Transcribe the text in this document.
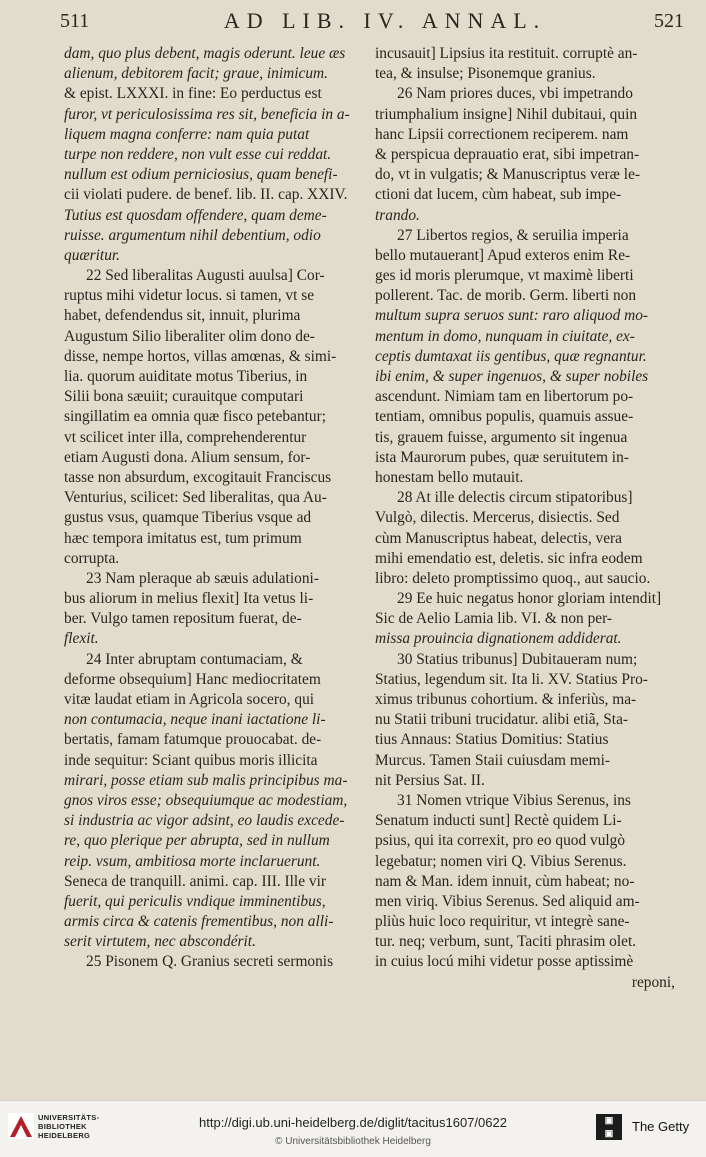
511	AD LIB. IV. ANNAL.	521
dam, quo plus debent, magis oderunt. leue æs
alienum, debitorem facit; graue, inimicum.
& epist. LXXXI. in fine: Eo perductus est
furor, vt periculosissima res sit, beneficia in a-
liquem magna conferre: nam quia putat
turpe non reddere, non vult esse cui reddat.
nullum est odium perniciosius, quam benefi-
cii violati pudere. de benef. lib. II. cap. XXIV.
Tutius est quosdam offendere, quam deme-
ruisse. argumentum nihil debentium, odio
quæritur.
22 Sed liberalitas Augusti auulsa] Cor-
ruptus mihi videtur locus. si tamen, vt se
habet, defendendus sit, innuit, plurima
Augustum Silio liberaliter olim dono de-
disse, nempe hortos, villas amœnas, & simi-
lia. quorum auiditate motus Tiberius, in
Silii bona sæuiit; curauitque computari
singillatim ea omnia quæ fisco petebantur;
vt scilicet inter illa, comprehenderentur
etiam Augusti dona. Alium sensum, for-
tasse non absurdum, excogitauit Franciscus
Venturius, scilicet: Sed liberalitas, qua Au-
gustus vsus, quamque Tiberius vsque ad
hæc tempora imitatus est, tum primum
corrupta.
23 Nam pleraque ab sæuis adulationi-
bus aliorum in melius flexit] Ita vetus li-
ber. Vulgo tamen repositum fuerat, de-
flexit.
24 Inter abruptam contumaciam, &
deforme obsequium] Hanc mediocritatem
vitæ laudat etiam in Agricola socero, qui
non contumacia, neque inani iactatione li-
bertatis, famam fatumque prouocabat. de-
inde sequitur: Sciant quibus moris illicita
mirari, posse etiam sub malis principibus ma-
gnos viros esse; obsequiumque ac modestiam,
si industria ac vigor adsint, eo laudis excede-
re, quo plerique per abrupta, sed in nullum
reip. vsum, ambitiosa morte inclaruerunt.
Seneca de tranquill. animi. cap. III. Ille vir
fuerit, qui periculis vndique imminentibus,
armis circa & catenis frementibus, non alli-
serit virtutem, nec abscondérit.
25 Pisonem Q. Granius secreti sermonis
incusauit] Lipsius ita restituit. corruptè an-
tea, & insulse; Pisonemque granius.
26 Nam priores duces, vbi impetrando
triumphalium insigne] Nihil dubitaui, quin
hanc Lipsii correctionem reciperem. nam
& perspicua deprauatio erat, sibi impetran-
do, vt in vulgatis; & Manuscriptus veræ le-
ctioni dat lucem, cùm habeat, sub impe-
trando.
27 Libertos regios, & seruilia imperia
bello mutauerant] Apud exteros enim Re-
ges id moris plerumque, vt maximè liberti
pollerent. Tac. de morib. Germ. liberti non
multum supra seruos sunt: raro aliquod mo-
mentum in domo, nunquam in ciuitate, ex-
ceptis dumtaxat iis gentibus, quæ regnantur.
ibi enim, & super ingenuos, & super nobiles
ascendunt. Nimiam tam en libertorum po-
tentiam, omnibus populis, quamuis assue-
tis, grauem fuisse, argumento sit ingenua
ista Maurorum pubes, quæ seruitutem in-
honestam bello mutauit.
28 At ille delectis circum stipatoribus]
Vulgò, dilectis. Mercerus, disiectis. Sed
cùm Manuscriptus habeat, delectis, vera
mihi emendatio est, deletis. sic infra eodem
libro: deleto promptissimo quoq., aut saucio.
29 Ee huic negatus honor gloriam intendit]
Sic de Aelio Lamia lib. VI. & non per-
missa prouincia dignationem addiderat.
30 Statius tribunus] Dubitaueram num;
Statius, legendum sit. Ita li. XV. Statius Pro-
ximus tribunus cohortium. & inferiùs, ma-
nu Statii tribuni trucidatur. alibi etiã, Sta-
tius Annaus: Statius Domitius: Statius
Murcus. Tamen Staii cuiusdam memi-
nit Persius Sat. II.
31 Nomen vtrique Vibius Serenus, ins
Senatum inducti sunt] Rectè quidem Li-
psius, qui ita correxit, pro eo quod vulgò
legebatur; nomen viri Q. Vibius Serenus.
nam & Man. idem innuit, cùm habeat; no-
men viriq. Vibius Serenus. Sed aliquid am-
pliùs huic loco requiritur, vt integrè sane-
tur. neq; verbum, sunt, Taciti phrasim olet.
in cuius locú mihi videtur posse aptissimè
reponi,
UNIVERSITÄTS-
BIBLIOTHEK
HEIDELBERG
http://digi.ub.uni-heidelberg.de/diglit/tacitus1607/0622
© Universitätsbibliothek Heidelberg
▣
▣	The Getty
